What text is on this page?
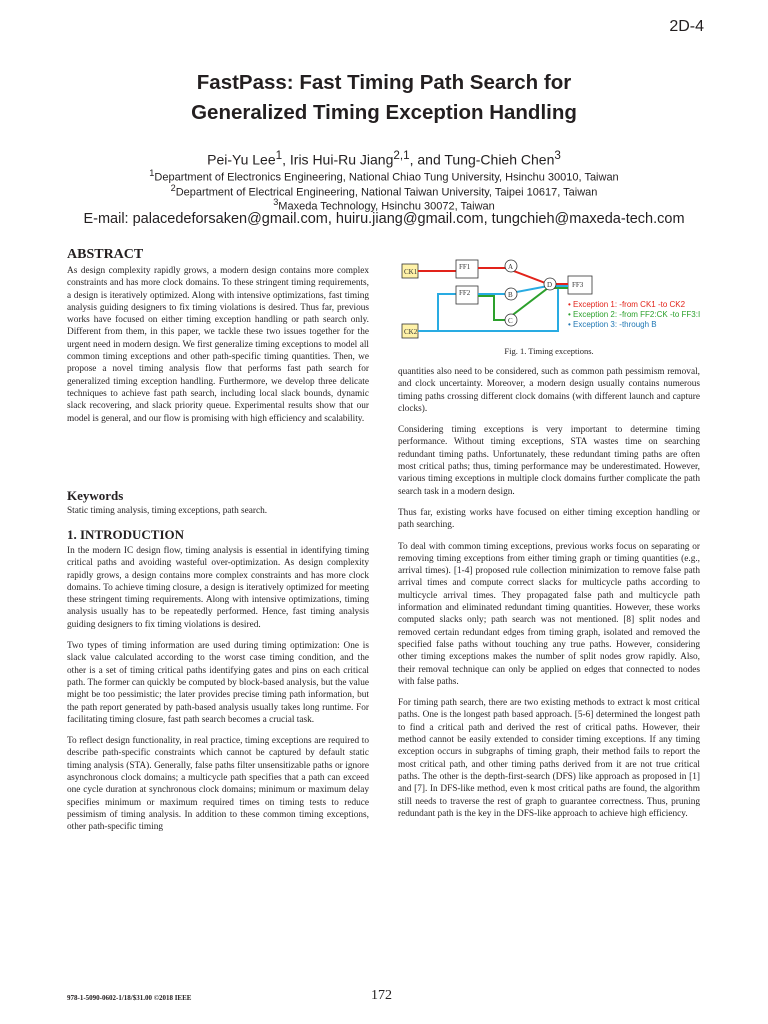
2D-4
FastPass: Fast Timing Path Search for
Generalized Timing Exception Handling
Pei-Yu Lee$^1$, Iris Hui-Ru Jiang$^{2,1}$, and Tung-Chieh Chen$^3$
$^1$Department of Electronics Engineering, National Chiao Tung University, Hsinchu 30010, Taiwan
$^2$Department of Electrical Engineering, National Taiwan University, Taipei 10617, Taiwan
$^3$Maxeda Technology, Hsinchu 30072, Taiwan
E-mail: palacedeforsaken@gmail.com, huiru.jiang@gmail.com, tungchieh@maxeda-tech.com
ABSTRACT

As design complexity rapidly grows, a modern design contains more complex constraints and has more clock domains. To these stringent timing requirements, a design is iteratively optimized. Along with intensive optimizations, fast timing analysis guiding designers to fix timing violations is desired. Thus far, previous works have focused on either timing exception handling or path search only. Different from them, in this paper, we tackle these two issues together for the urgent need in modern design. We first generalize timing exceptions to model all common timing exceptions and other path-specific timing quantities. Then, we propose a novel timing analysis flow that performs fast path search for generalized timing exception handling. Furthermore, we develop three delicate techniques to achieve fast path search, including local slack bounds, dynamic slack recovering, and slack priority queue. Experimental results show that our model is general, and our flow is promising with high efficiency and scalability.

Keywords

Static timing analysis, timing exceptions, path search.

1. INTRODUCTION

In the modern IC design flow, timing analysis is essential in identifying timing critical paths and avoiding wasteful over-optimization. As design complexity rapidly grows, a design contains more complex constraints and has more clock domains. To achieve timing closure, a design is iteratively optimized for meeting these stringent timing requirements. Along with intensive optimizations, timing analysis usually has to be repeatedly performed. Hence, fast timing analysis guiding designers to fix timing violations is desired.

Two types of timing information are used during timing optimization: One is slack value calculated according to the worst case timing condition, and the other is a set of timing critical paths identifying gates and pins on each critical path. The former can quickly be computed by block-based analysis, but the value might be too pessimistic; the later provides precise timing path information, but the path report generated by path-based analysis usually takes long runtime. For facilitating timing closure, fast path search becomes a crucial task.

To reflect design functionality, in real practice, timing exceptions are required to describe path-specific constraints which cannot be captured by default static timing analysis (STA). Generally, false paths filter unsensitizable paths or ignore asynchronous clock domains; a multicycle path specifies that a path can exceed one cycle duration at synchronous clock domains; minimum or maximum delay specifies minimum or maximum required times on timing tests to reduce pessimism of timing analysis. In addition to these common timing exceptions, other path-specific timing

CK1
CK2
FF1
FF2
FF3
A
B
C
D
• Exception 1: -from CK1 -to CK2
• Exception 2: -from FF2:CK -to FF3:I
• Exception 3: -through B
Fig. 1. Timing exceptions.

quantities also need to be considered, such as common path pessimism removal, and clock uncertainty. Moreover, a modern design usually contains numerous timing paths crossing different clock domains (with different launch and capture clocks).

Considering timing exceptions is very important to determine timing performance. Without timing exceptions, STA wastes time on searching redundant timing paths. Unfortunately, these redundant timing paths are often most critical paths; thus, timing performance may be underestimated. However, various timing exceptions in multiple clock domains further complicate the path search task in a modern design.

Thus far, existing works have focused on either timing exception handling or path searching.

To deal with common timing exceptions, previous works focus on separating or removing timing exceptions from either timing graph or timing quantities (e.g., arrival times). [1-4] proposed rule collection minimization to remove false path arrival times and compute correct slacks for multicycle paths according to multicycle arrival times. They propagated false path and multicycle path information and eliminated redundant timing quantities. However, these works computed slacks only; path search was not mentioned. [8] split nodes and removed certain redundant edges from timing graph, isolated and removed the specified false paths without touching any true paths. However, considering other timing exceptions makes the number of split nodes grow rapidly. Also, their removal technique can only be applied on edges that connected to nodes with false paths.

For timing path search, there are two existing methods to extract k most critical paths. One is the longest path based approach. [5-6] determined the longest path to find a critical path and derived the rest of critical paths. However, their method cannot be easily extended to consider timing exceptions. If any timing exception occurs in subgraphs of timing graph, their method fails to report the most critical path, and other timing paths derived from it are not true critical paths. The other is the depth-first-search (DFS) like approach as proposed in [1] and [7]. In DFS-like method, even k most critical paths are found, the algorithm still needs to traverse the rest of graph to guarantee correctness. Thus, pruning redundant path is the key in the DFS-like approach to achieve high efficiency.

978-1-5090-0602-1/18/$31.00 ©2018 IEEE	172
